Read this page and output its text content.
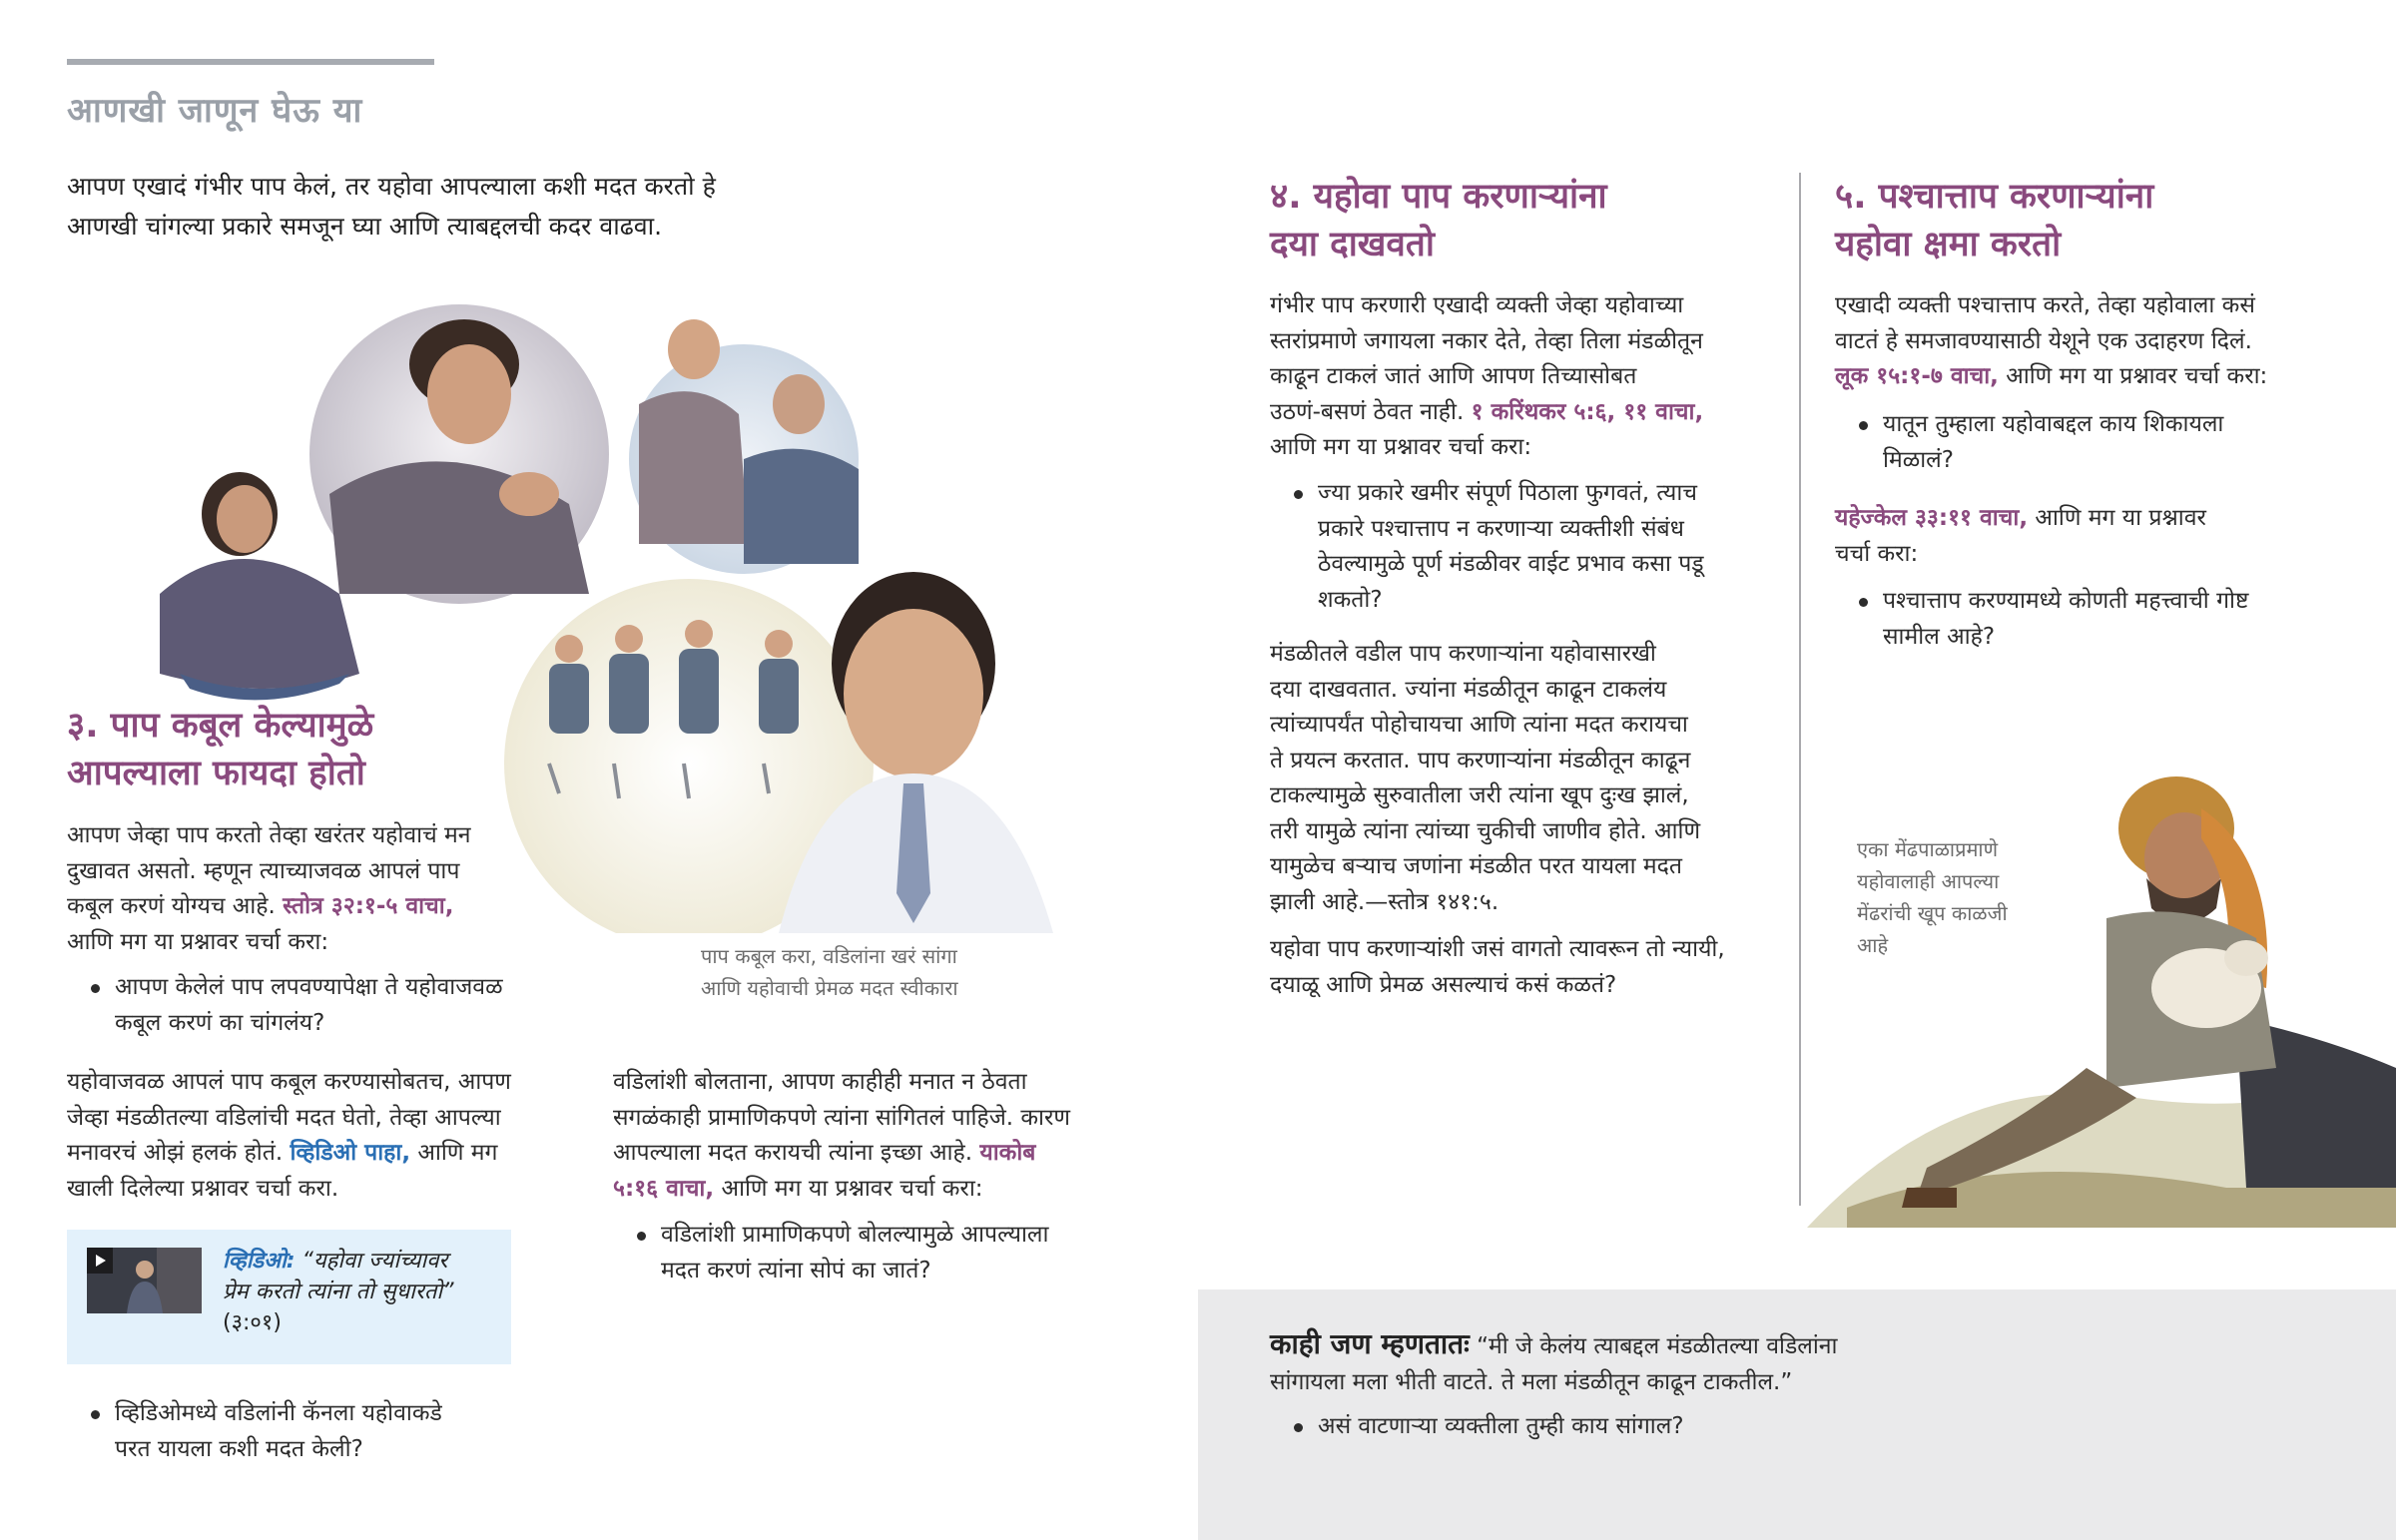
आणखी जाणून घेऊ या
आपण एखादं गंभीर पाप केलं, तर यहोवा आपल्याला कशी मदत करतो हे
आणखी चांगल्या प्रकारे समजून घ्या आणि त्याबद्दलची कदर वाढवा.
पाप कबूल करा, वडिलांना खरं सांगा
आणि यहोवाची प्रेमळ मदत स्वीकारा
३. पाप कबूल केल्यामुळे
आपल्याला फायदा होतो
आपण जेव्हा पाप करतो तेव्हा खरंतर यहोवाचं मन
दुखावत असतो. म्हणून त्याच्याजवळ आपलं पाप
कबूल करणं योग्यच आहे. स्तोत्र ३२:१-५ वाचा,
आणि मग या प्रश्नावर चर्चा करा:
आपण केलेलं पाप लपवण्यापेक्षा ते यहोवाजवळ
कबूल करणं का चांगलंय?
यहोवाजवळ आपलं पाप कबूल करण्यासोबतच, आपण
जेव्हा मंडळीतल्या वडिलांची मदत घेतो, तेव्हा आपल्या
मनावरचं ओझं हलकं होतं. व्हिडिओ पाहा, आणि मग
खाली दिलेल्या प्रश्नावर चर्चा करा.
व्हिडिओ: “यहोवा ज्यांच्यावर
प्रेम करतो त्यांना तो सुधारतो”
(३:०१)
व्हिडिओमध्ये वडिलांनी कॅनला यहोवाकडे
परत यायला कशी मदत केली?
वडिलांशी बोलताना, आपण काहीही मनात न ठेवता
सगळंकाही प्रामाणिकपणे त्यांना सांगितलं पाहिजे. कारण
आपल्याला मदत करायची त्यांना इच्छा आहे. याकोब
५:१६ वाचा, आणि मग या प्रश्नावर चर्चा करा:
वडिलांशी प्रामाणिकपणे बोलल्यामुळे आपल्याला
मदत करणं त्यांना सोपं का जातं?
४. यहोवा पाप करणाऱ्यांना
दया दाखवतो
गंभीर पाप करणारी एखादी व्यक्ती जेव्हा यहोवाच्या
स्तरांप्रमाणे जगायला नकार देते, तेव्हा तिला मंडळीतून
काढून टाकलं जातं आणि आपण तिच्यासोबत
उठणं-बसणं ठेवत नाही. १ करिंथकर ५:६, ११ वाचा,
आणि मग या प्रश्नावर चर्चा करा:
ज्या प्रकारे खमीर संपूर्ण पिठाला फुगवतं, त्याच
प्रकारे पश्चात्ताप न करणाऱ्या व्यक्तीशी संबंध
ठेवल्यामुळे पूर्ण मंडळीवर वाईट प्रभाव कसा पडू
शकतो?
मंडळीतले वडील पाप करणाऱ्यांना यहोवासारखी
दया दाखवतात. ज्यांना मंडळीतून काढून टाकलंय
त्यांच्यापर्यंत पोहोचायचा आणि त्यांना मदत करायचा
ते प्रयत्न करतात. पाप करणाऱ्यांना मंडळीतून काढून
टाकल्यामुळे सुरुवातीला जरी त्यांना खूप दुःख झालं,
तरी यामुळे त्यांना त्यांच्या चुकीची जाणीव होते. आणि
यामुळेच बऱ्याच जणांना मंडळीत परत यायला मदत
झाली आहे.—स्तोत्र १४१:५.
यहोवा पाप करणाऱ्यांशी जसं वागतो त्यावरून तो न्यायी,
दयाळू आणि प्रेमळ असल्याचं कसं कळतं?
५. पश्चात्ताप करणाऱ्यांना
यहोवा क्षमा करतो
एखादी व्यक्ती पश्चात्ताप करते, तेव्हा यहोवाला कसं
वाटतं हे समजावण्यासाठी येशूने एक उदाहरण दिलं.
लूक १५:१-७ वाचा, आणि मग या प्रश्नावर चर्चा करा:
यातून तुम्हाला यहोवाबद्दल काय शिकायला
मिळालं?
यहेज्केल ३३:११ वाचा, आणि मग या प्रश्नावर
चर्चा करा:
पश्चात्ताप करण्यामध्ये कोणती महत्त्वाची गोष्ट
सामील आहे?
एका मेंढपाळाप्रमाणे
यहोवालाही आपल्या
मेंढरांची खूप काळजी
आहे
काही जण म्हणतातः “मी जे केलंय त्याबद्दल मंडळीतल्या वडिलांना
सांगायला मला भीती वाटते. ते मला मंडळीतून काढून टाकतील.”
असं वाटणाऱ्या व्यक्तीला तुम्ही काय सांगाल?
